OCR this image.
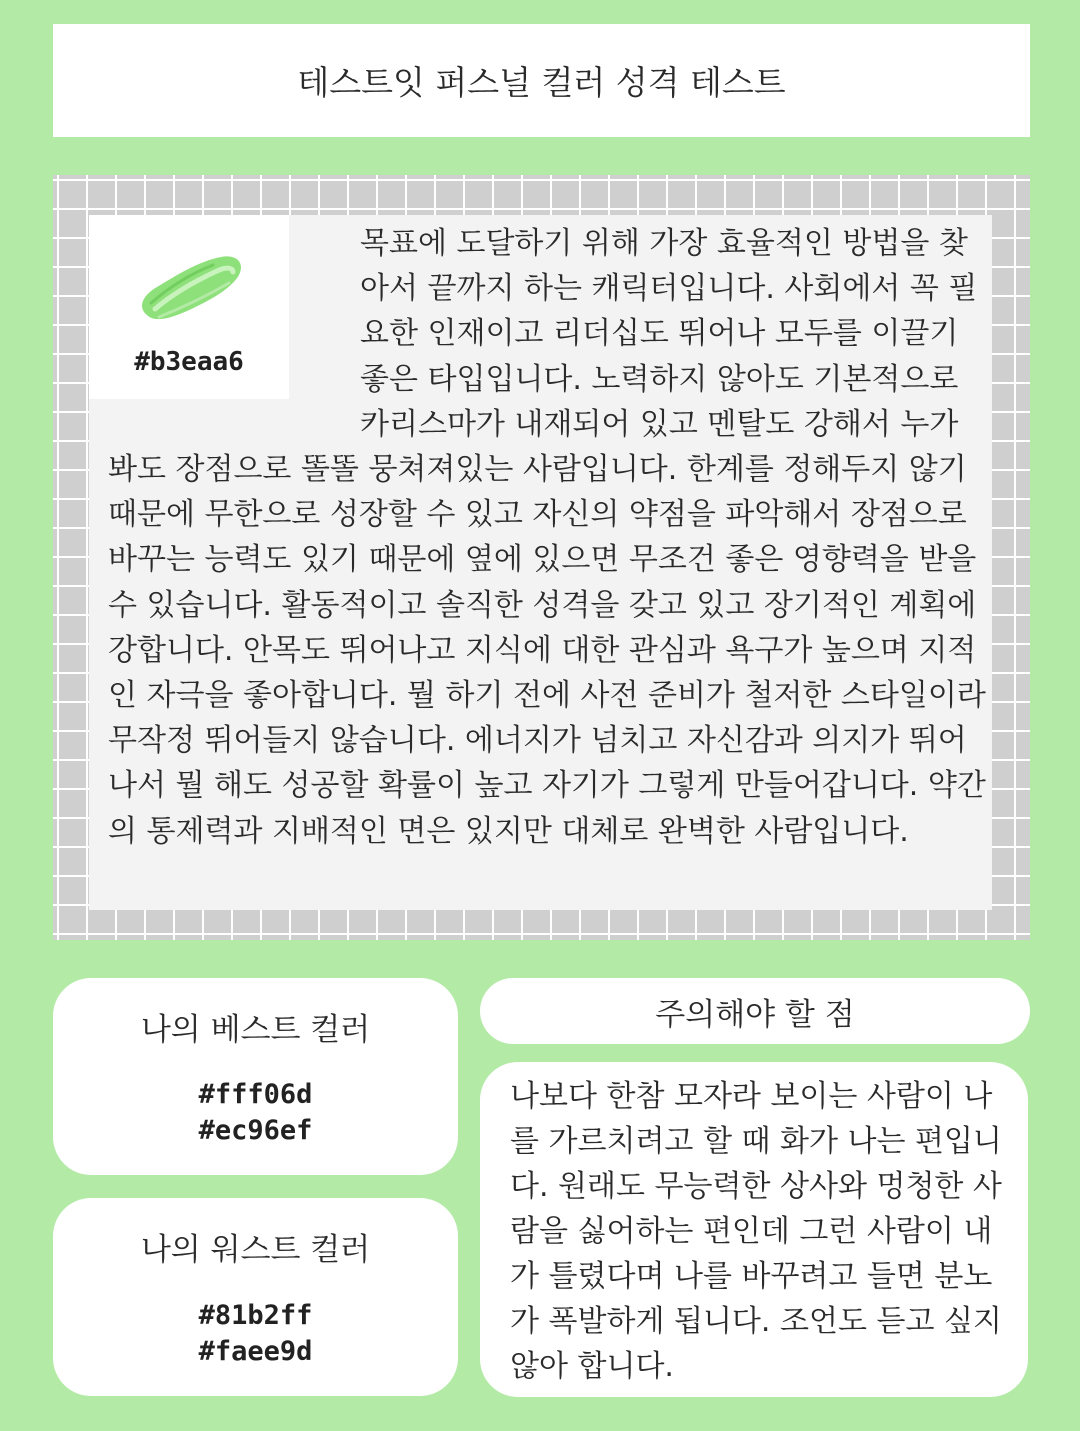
테스트잇 퍼스널 컬러 성격 테스트
#b3eaa6
목표에 도달하기 위해 가장 효율적인 방법을 찾아서 끝까지 하는 캐릭터입니다. 사회에서 꼭 필요한 인재이고 리더십도 뛰어나 모두를 이끌기 좋은 타입입니다. 노력하지 않아도 기본적으로 카리스마가 내재되어 있고 멘탈도 강해서 누가 봐도 장점으로 똘똘 뭉쳐져있는 사람입니다. 한계를 정해두지 않기 때문에 무한으로 성장할 수 있고 자신의 약점을 파악해서 장점으로 바꾸는 능력도 있기 때문에 옆에 있으면 무조건 좋은 영향력을 받을 수 있습니다. 활동적이고 솔직한 성격을 갖고 있고 장기적인 계획에 강합니다. 안목도 뛰어나고 지식에 대한 관심과 욕구가 높으며 지적인 자극을 좋아합니다. 뭘 하기 전에 사전 준비가 철저한 스타일이라 무작정 뛰어들지 않습니다. 에너지가 넘치고 자신감과 의지가 뛰어나서 뭘 해도 성공할 확률이 높고 자기가 그렇게 만들어갑니다. 약간의 통제력과 지배적인 면은 있지만 대체로 완벽한 사람입니다.
나의 베스트 컬러
#fff06d
#ec96ef
나의 워스트 컬러
#81b2ff
#faee9d
주의해야 할 점

나보다 한참 모자라 보이는 사람이 나를 가르치려고 할 때 화가 나는 편입니다. 원래도 무능력한 상사와 멍청한 사람을 싫어하는 편인데 그런 사람이 내가 틀렸다며 나를 바꾸려고 들면 분노가 폭발하게 됩니다. 조언도 듣고 싶지 않아 합니다.
